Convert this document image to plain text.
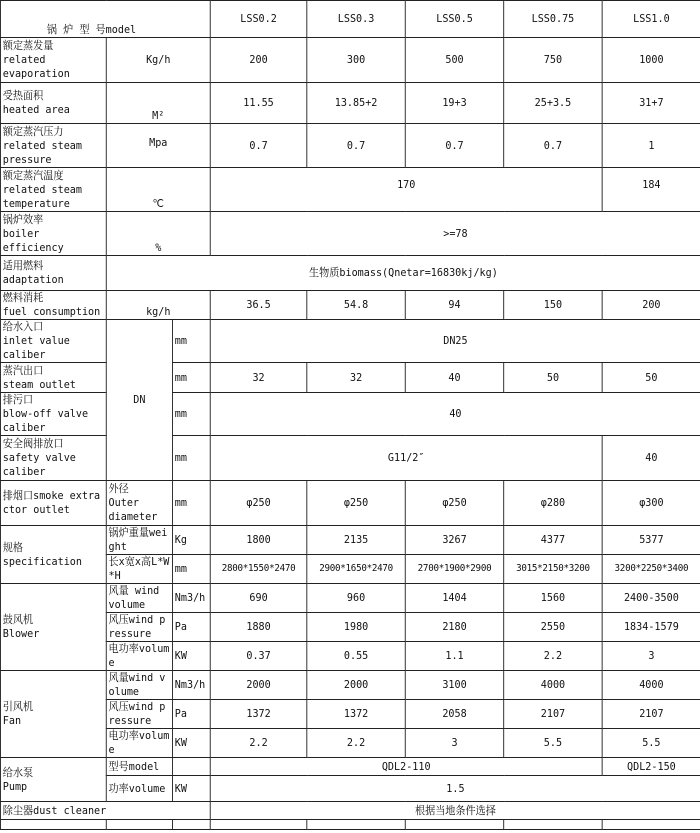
锅 炉 型 号model			LSS0.2	LSS0.3	LSS0.5	LSS0.75	LSS1.0

额定蒸发量
related
evaporation	Kg/h		200	300	500	750	1000

受热面积
heated area	M²		11.55	13.85+2	19+3	25+3.5	31+7

额定蒸汽压力
related steam
pressure	Mpa		0.7	0.7	0.7	0.7	1

额定蒸汽温度
related steam
temperature	℃		170				184

锅炉效率
boiler
efficiency	%		>=78				

适用燃料
adaptation	生物质biomass(Qnetar=16830kj/kg)						

燃料消耗
fuel consumption	kg/h		36.5	54.8	94	150	200

给水入口
inlet value
caliber	DN	mm	DN25				

蒸汽出口
steam outlet		mm	32	32	40	50	50

排污口
blow-off valve
caliber		mm	40				

安全阀排放口
safety valve
caliber		mm	G11/2″				40
排烟口smoke extractor outlet	外径
Outer
diameter	mm	φ250	φ250	φ250	φ280	φ300

规格
specification	锅炉重量weight	Kg	1800	2135	3267	4377	5377
	长x宽x高L*W*H	mm	2800*1550*2470	2900*1650*2470	2700*1900*2900	3015*2150*3200	3200*2250*3400

鼓风机
Blower	风量 wind volume	Nm3/h	690	960	1404	1560	2400-3500
	风压wind pressure	Pa	1880	1980	2180	2550	1834-1579
	电功率volume	KW	0.37	0.55	1.1	2.2	3

引风机
Fan	风量wind volume	Nm3/h	2000	2000	3100	4000	4000
	风压wind pressure	Pa	1372	1372	2058	2107	2107
	电功率volume	KW	2.2	2.2	3	5.5	5.5

给水泵
Pump	型号model		QDL2-110				QDL2-150
	功率volume	KW	1.5				
除尘器dust cleaner			根据当地条件选择				
